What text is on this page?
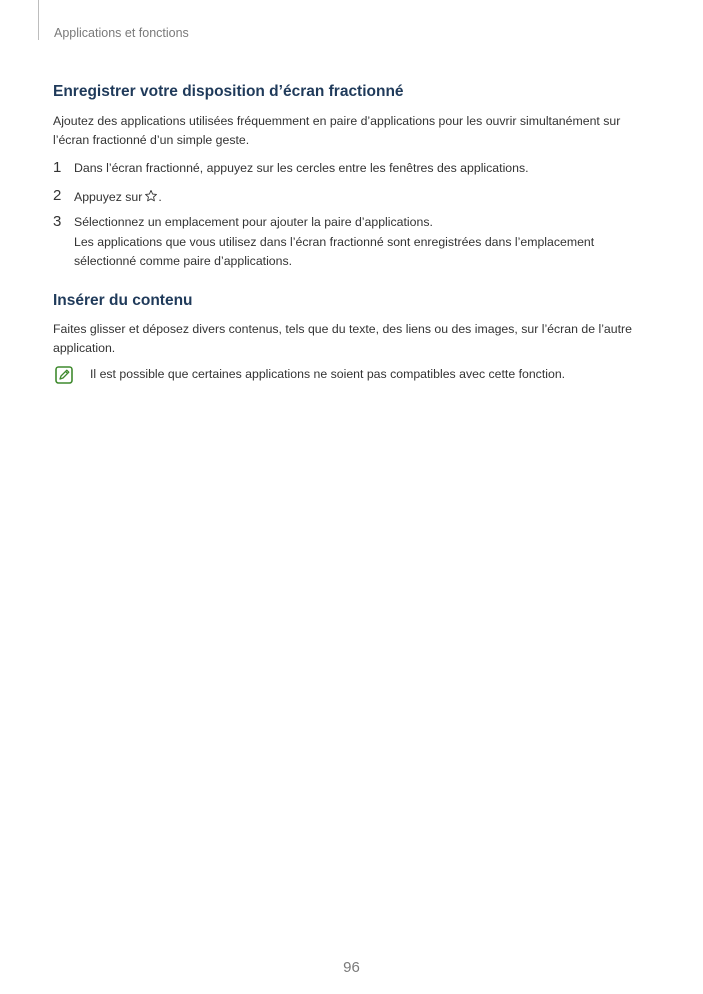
Applications et fonctions
Enregistrer votre disposition d’écran fractionné
Ajoutez des applications utilisées fréquemment en paire d’applications pour les ouvrir simultanément sur l’écran fractionné d’un simple geste.
1 Dans l’écran fractionné, appuyez sur les cercles entre les fenêtres des applications.
2 Appuyez sur .
3 Sélectionnez un emplacement pour ajouter la paire d’applications.
Les applications que vous utilisez dans l’écran fractionné sont enregistrées dans l’emplacement sélectionné comme paire d’applications.
Insérer du contenu
Faites glisser et déposez divers contenus, tels que du texte, des liens ou des images, sur l’écran de l’autre application.
Il est possible que certaines applications ne soient pas compatibles avec cette fonction.
96
